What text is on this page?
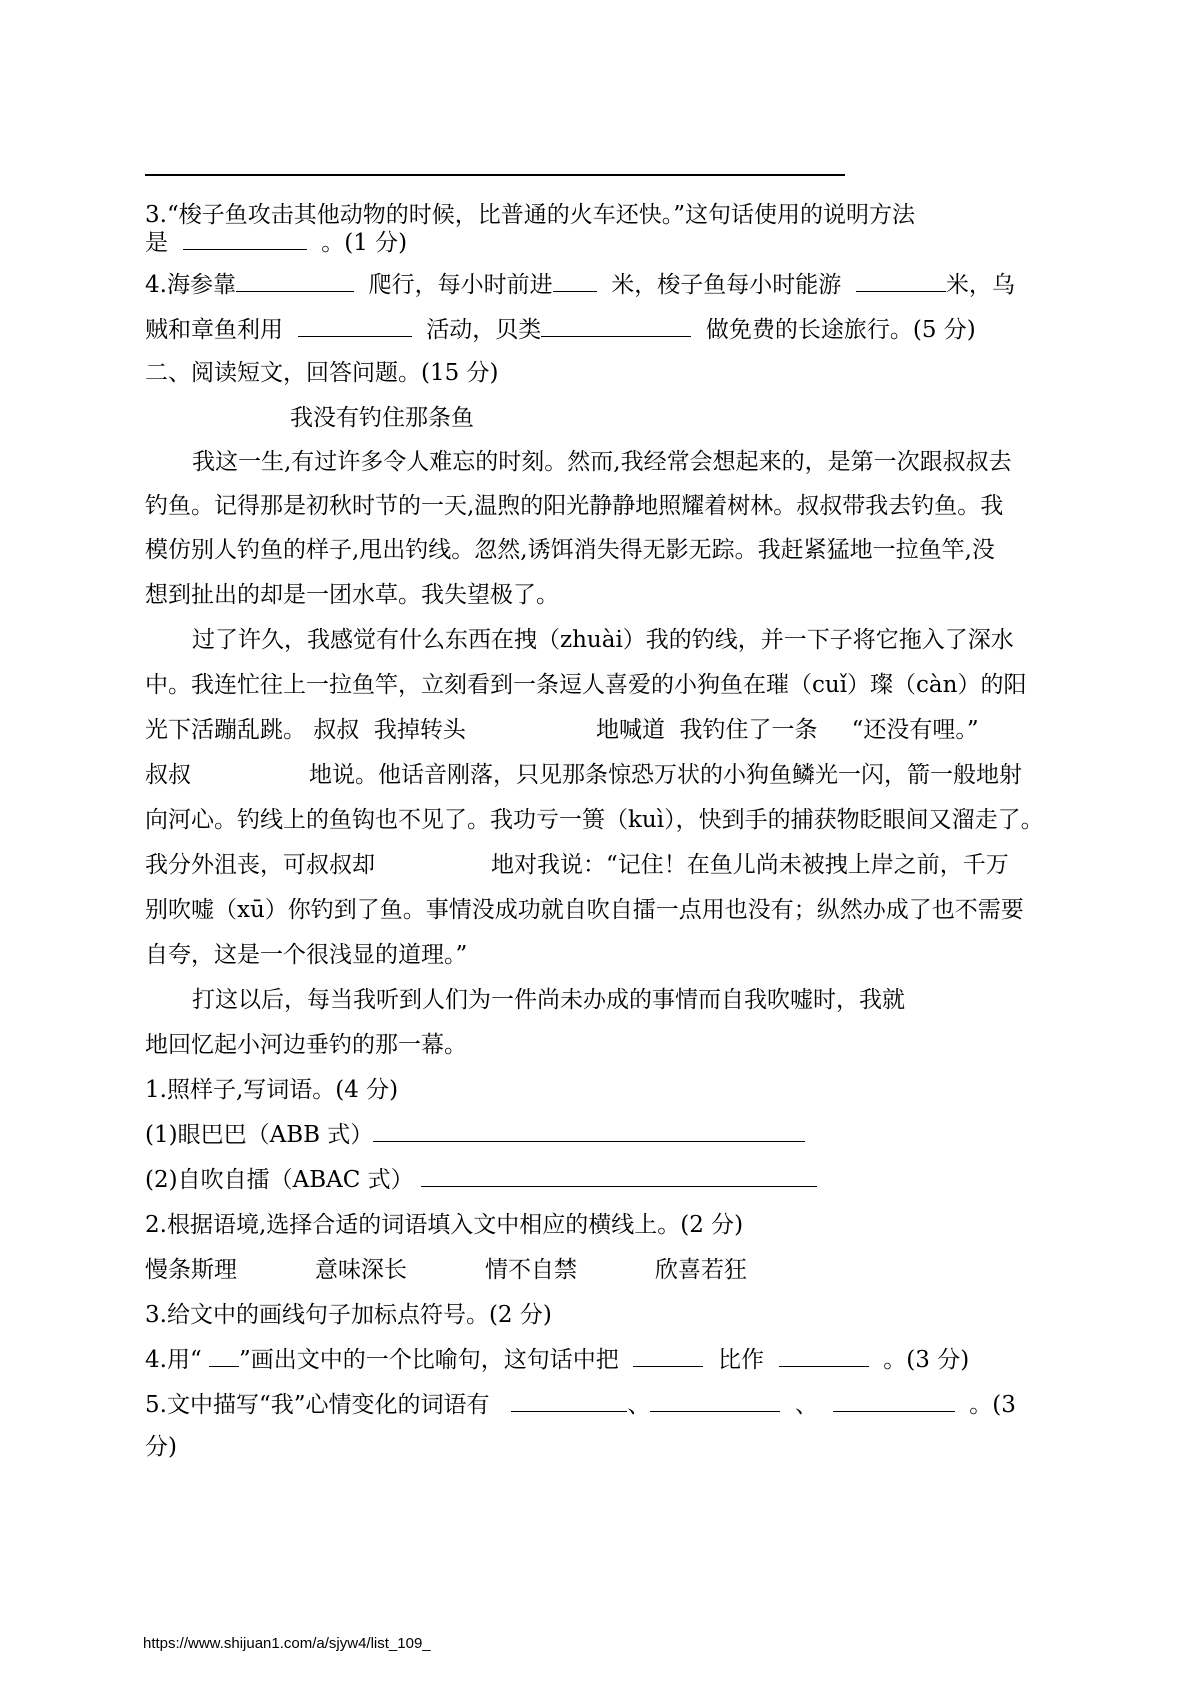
3.“梭子鱼攻击其他动物的时候，比普通的火车还快。”这句话使用的说明方法
是	。(1 分)
4.海参靠	爬行，每小时前进	米，梭子鱼每小时能游	米，乌
贼和章鱼利用	活动，贝类	做免费的长途旅行。(5 分)
二、阅读短文，回答问题。(15 分)
我没有钓住那条鱼
我这一生,有过许多令人难忘的时刻。然而,我经常会想起来的，是第一次跟叔叔去
钓鱼。记得那是初秋时节的一天,温煦的阳光静静地照耀着树林。叔叔带我去钓鱼。我
模仿别人钓鱼的样子,甩出钓线。忽然,诱饵消失得无影无踪。我赶紧猛地一拉鱼竿,没
想到扯出的却是一团水草。我失望极了。
过了许久，我感觉有什么东西在拽（zhuài）我的钓线，并一下子将它拖入了深水
中。我连忙往上一拉鱼竿，立刻看到一条逗人喜爱的小狗鱼在璀（cuǐ）璨（càn）的阳
光下活蹦乱跳。 叔叔  我掉转头	地喊道  我钓住了一条 “还没有哩。”
叔叔	地说。他话音刚落，只见那条惊恐万状的小狗鱼鳞光一闪，箭一般地射
向河心。钓线上的鱼钩也不见了。我功亏一篑（kuì），快到手的捕获物眨眼间又溜走了。
我分外沮丧，可叔叔却	地对我说：“记住！在鱼儿尚未被拽上岸之前，千万
别吹嘘（xū）你钓到了鱼。事情没成功就自吹自擂一点用也没有；纵然办成了也不需要
自夸，这是一个很浅显的道理。”
打这以后，每当我听到人们为一件尚未办成的事情而自我吹嘘时，我就
地回忆起小河边垂钓的那一幕。
1.照样子,写词语。(4 分)
(1)眼巴巴（ABB 式）
(2)自吹自擂（ABAC 式）
2.根据语境,选择合适的词语填入文中相应的横线上。(2 分)
慢条斯理	意味深长	情不自禁	欣喜若狂
3.给文中的画线句子加标点符号。(2 分)
4.用“ ”画出文中的一个比喻句，这句话中把	比作	。(3 分)
5.文中描写“我”心情变化的词语有	、	、	。(3
分)
https://www.shijuan1.com/a/sjyw4/list_109_
